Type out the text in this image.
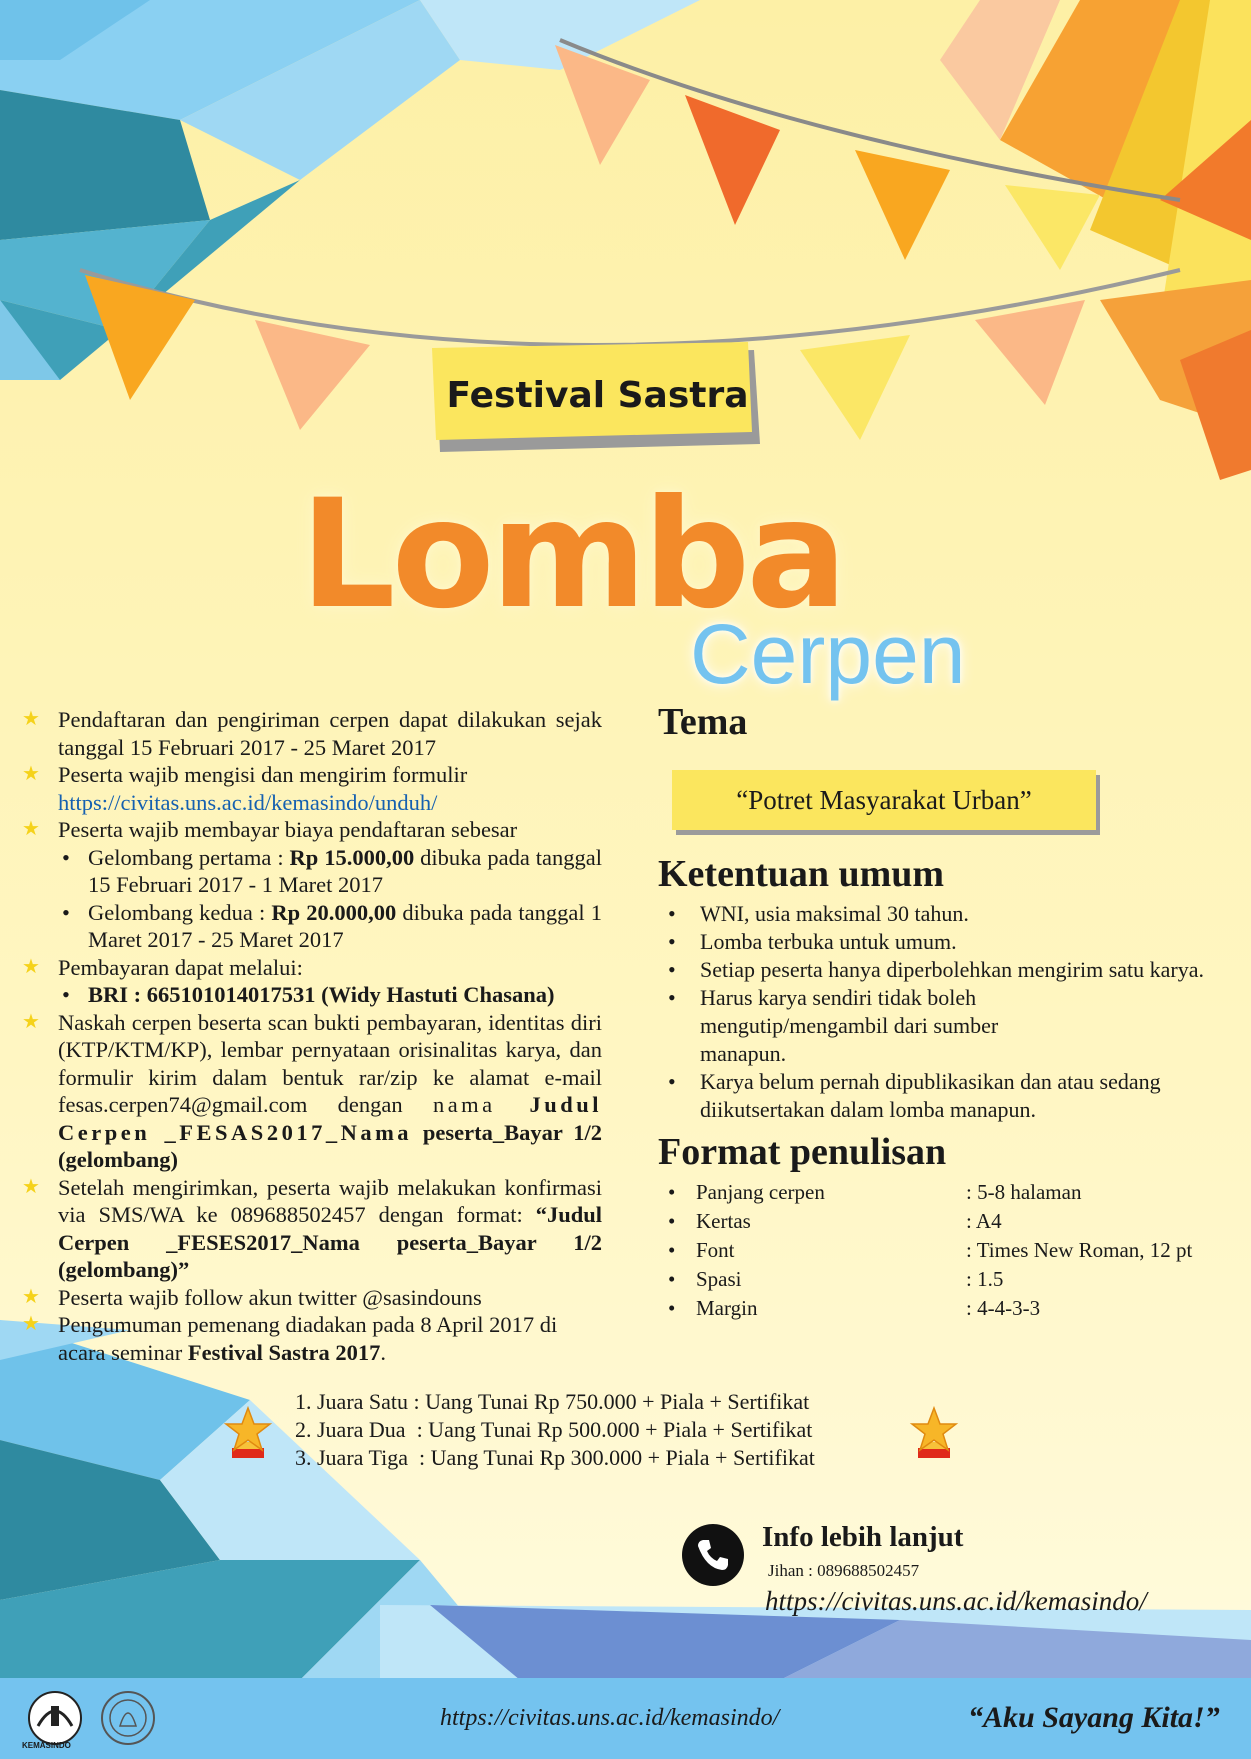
Festival Sastra
Lomba
Cerpen
★ Pendaftaran dan pengiriman cerpen dapat dilakukan sejak tanggal 15 Februari 2017 - 25 Maret 2017

★ Peserta wajib mengisi dan mengirim formulir
https://civitas.uns.ac.id/kemasindo/unduh/

★ Peserta wajib membayar biaya pendaftaran sebesar

• Gelombang pertama : Rp 15.000,00 dibuka pada tanggal 15 Februari 2017 - 1 Maret 2017
• Gelombang kedua : Rp 20.000,00 dibuka pada tanggal 1 Maret 2017 - 25 Maret 2017
★ Pembayaran dapat melalui:

• BRI : 665101014017531 (Widy Hastuti Chasana)
★ Naskah cerpen beserta scan bukti pembayaran, identitas diri (KTP/KTM/KP), lembar pernyataan orisinalitas karya, dan formulir kirim dalam bentuk rar/zip ke alamat e-mail fesas.cerpen74@gmail.com dengan nama Judul Cerpen _FESAS2017_Nama peserta_Bayar 1/2 (gelombang)

★ Setelah mengirimkan, peserta wajib melakukan konfirmasi via SMS/WA ke 089688502457 dengan format: “Judul Cerpen _FESES2017_Nama peserta_Bayar 1/2 (gelombang)”

★ Peserta wajib follow akun twitter @sasindouns

★ Pengumuman pemenang diadakan pada 8 April 2017 di acara seminar Festival Sastra 2017.

Tema
“Potret Masyarakat Urban”
Ketentuan umum
• WNI, usia maksimal 30 tahun.
• Lomba terbuka untuk umum.
• Setiap peserta hanya diperbolehkan mengirim satu karya.
• Harus karya sendiri tidak boleh mengutip/mengambil dari sumber manapun.
• Karya belum pernah dipublikasikan dan atau sedang diikutsertakan dalam lomba manapun.
Format penulisan
• Panjang cerpen	: 5-8 halaman
• Kertas	: A4
• Font	: Times New Roman, 12 pt
• Spasi	: 1.5
• Margin	: 4-4-3-3
1. Juara Satu : Uang Tunai Rp 750.000 + Piala + Sertifikat
2. Juara Dua  : Uang Tunai Rp 500.000 + Piala + Sertifikat
3. Juara Tiga  : Uang Tunai Rp 300.000 + Piala + Sertifikat
Info lebih lanjut
Jihan : 089688502457
https://civitas.uns.ac.id/kemasindo/
KEMASINDO
https://civitas.uns.ac.id/kemasindo/	“Aku Sayang Kita!”
